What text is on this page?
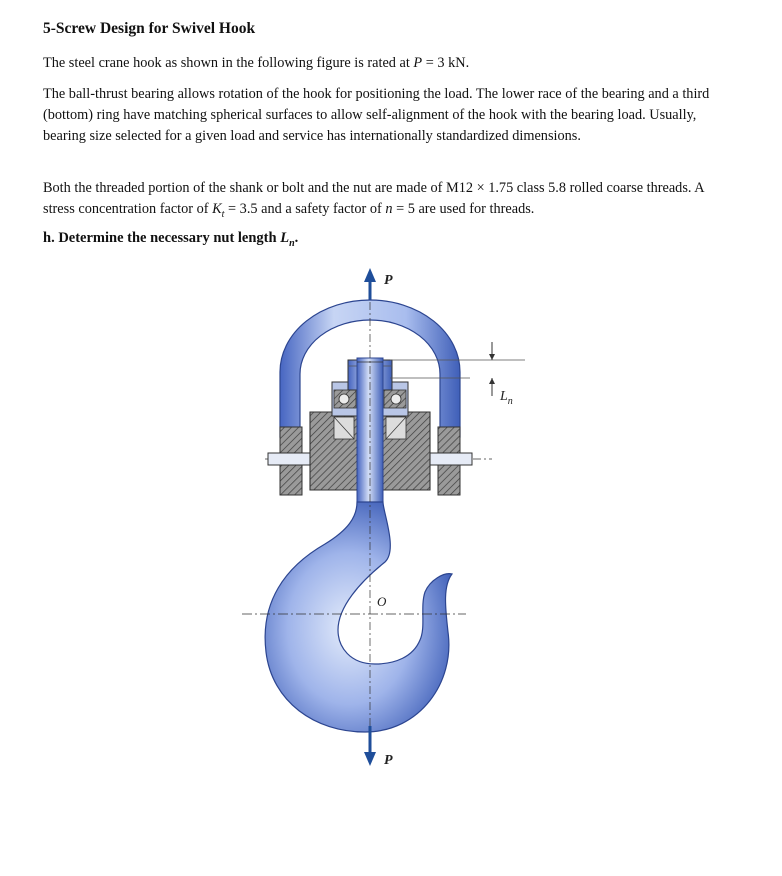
5-Screw Design for Swivel Hook

The steel crane hook as shown in the following figure is rated at P = 3 kN.

The ball-thrust bearing allows rotation of the hook for positioning the load. The lower race of the bearing and a third (bottom) ring have matching spherical surfaces to allow self-alignment of the hook with the bearing load. Usually, bearing size selected for a given load and service has internationally standardized dimensions.

Both the threaded portion of the shank or bolt and the nut are made of M12 × 1.75 class 5.8 rolled coarse threads. A stress concentration factor of $K_t = 3.5$ and a safety factor of n = 5 are used for threads.

h. Determine the necessary nut length $L_n$.

P
$L_n$
O
P
